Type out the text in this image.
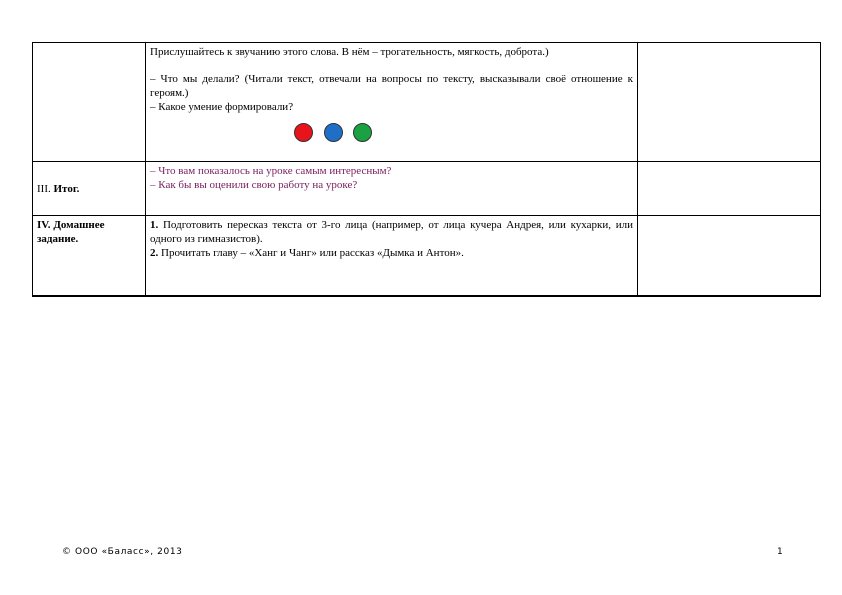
	Прислушайтесь к звучанию этого слова. В нём – трогательность, мягкость, доброта.)

– Что мы делали? (Читали текст, отвечали на вопросы по тексту, высказывали своё отношение к героям.)

– Какое умение формировали?	

III. Итог.	– Что вам показалось на уроке самым интересным?

– Как бы вы оценили свою работу на уроке?	

IV. Домашнее задание.	1. Подготовить пересказ текста от 3-го лица (например, от лица кучера Андрея, или кухарки, или одного из гимназистов).

2. Прочитать главу – «Ханг и Чанг» или рассказ «Дымка и Антон».	

© ООО «Баласс», 2013	1
